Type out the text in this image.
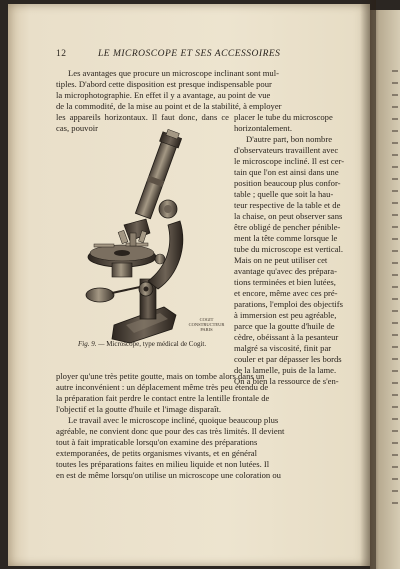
12	LE MICROSCOPE ET SES ACCESSOIRES

Les avantages que procure un microscope inclinant sont mul-

tiples. D'abord cette disposition est presque indispensable pour

la microphotographie. En effet il y a avantage, au point de vue

de la commodité, de la mise au point et de la stabilité, à employer

les appareils horizontaux. Il faut donc, dans ce cas, pouvoir

placer le tube du microscope

horizontalement.

D'autre part, bon nombre

d'observateurs travaillent avec

le microscope incliné. Il est cer-

tain que l'on est ainsi dans une

position beaucoup plus confor-

table ; quelle que soit la hau-

teur respective de la table et de

la chaise, on peut observer sans

être obligé de pencher pénible-

ment la tête comme lorsque le

tube du microscope est vertical.

Mais on ne peut utiliser cet

avantage qu'avec des prépara-

tions terminées et bien lutées,

et encore, même avec ces pré-

parations, l'emploi des objectifs

à immersion est peu agréable,

parce que la goutte d'huile de

cèdre, obéissant à la pesanteur

malgré sa viscosité, finit par

couler et par dépasser les bords

de la lamelle, puis de la lame.

On a bien la ressource de s'en-

COGIT
CONSTRUCTEUR PARIS
Fig. 9. — Microscope, type médical de Cogit.

ployer qu'une très petite goutte, mais on tombe alors dans un

autre inconvénient : un déplacement même très peu étendu de

la préparation fait perdre le contact entre la lentille frontale de

l'objectif et la goutte d'huile et l'image disparaît.

Le travail avec le microscope incliné, quoique beaucoup plus

agréable, ne convient donc que pour des cas très limités. Il devient

tout à fait impraticable lorsqu'on examine des préparations

extemporanées, de petits organismes vivants, et en général

toutes les préparations faites en milieu liquide et non lutées. Il

en est de même lorsqu'on utilise un microscope une coloration ou
